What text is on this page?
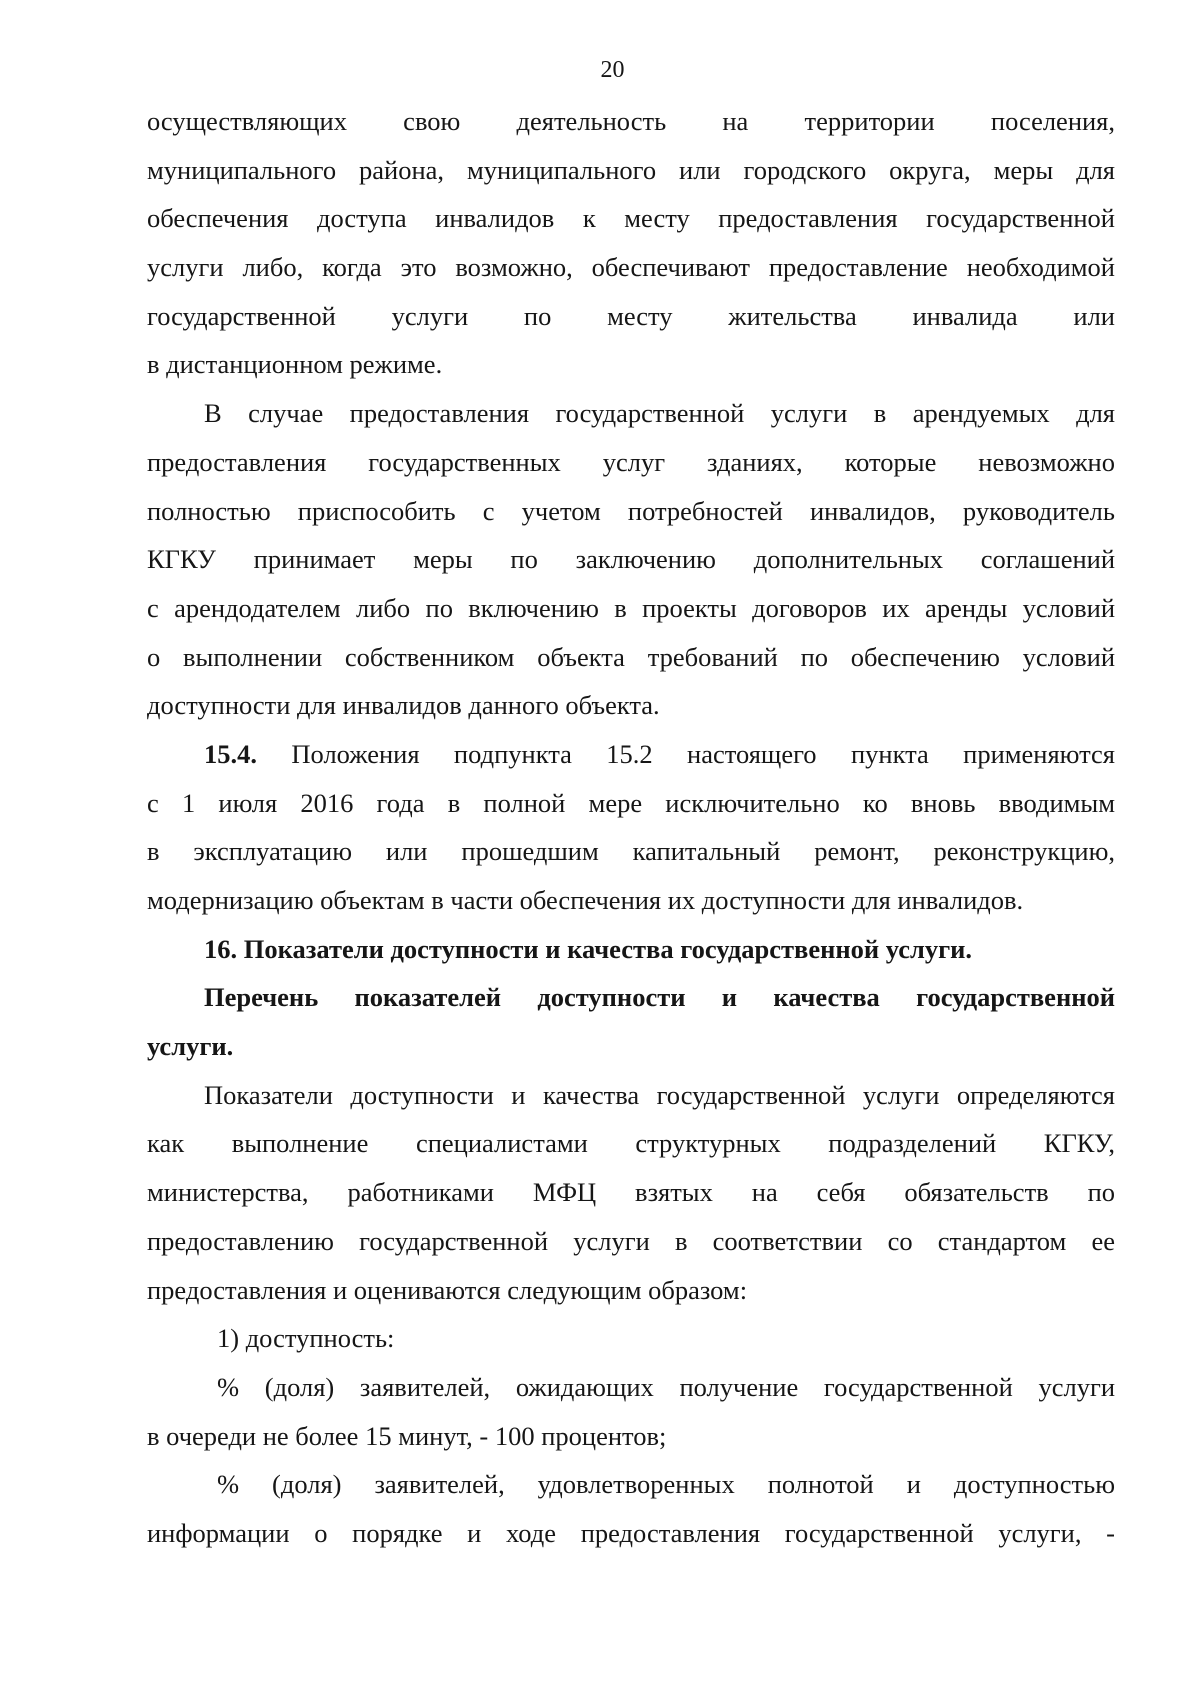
20
осуществляющих свою деятельность на территории поселения,
муниципального района, муниципального или городского округа, меры для
обеспечения доступа инвалидов к месту предоставления государственной
услуги либо, когда это возможно, обеспечивают предоставление необходимой
государственной услуги по месту жительства инвалида или
в дистанционном режиме.
В случае предоставления государственной услуги в арендуемых для
предоставления государственных услуг зданиях, которые невозможно
полностью приспособить с учетом потребностей инвалидов, руководитель
КГКУ принимает меры по заключению дополнительных соглашений
с арендодателем либо по включению в проекты договоров их аренды условий
о выполнении собственником объекта требований по обеспечению условий
доступности для инвалидов данного объекта.
15.4. Положения подпункта 15.2 настоящего пункта применяются
с 1 июля 2016 года в полной мере исключительно ко вновь вводимым
в эксплуатацию или прошедшим капитальный ремонт, реконструкцию,
модернизацию объектам в части обеспечения их доступности для инвалидов.
16. Показатели доступности и качества государственной услуги.
Перечень показателей доступности и качества государственной
услуги.
Показатели доступности и качества государственной услуги определяются
как выполнение специалистами структурных подразделений КГКУ,
министерства, работниками МФЦ взятых на себя обязательств по
предоставлению государственной услуги в соответствии со стандартом ее
предоставления и оцениваются следующим образом:
1) доступность:
% (доля) заявителей, ожидающих получение государственной услуги
в очереди не более 15 минут, - 100 процентов;
% (доля) заявителей, удовлетворенных полнотой и доступностью
информации о порядке и ходе предоставления государственной услуги, -
